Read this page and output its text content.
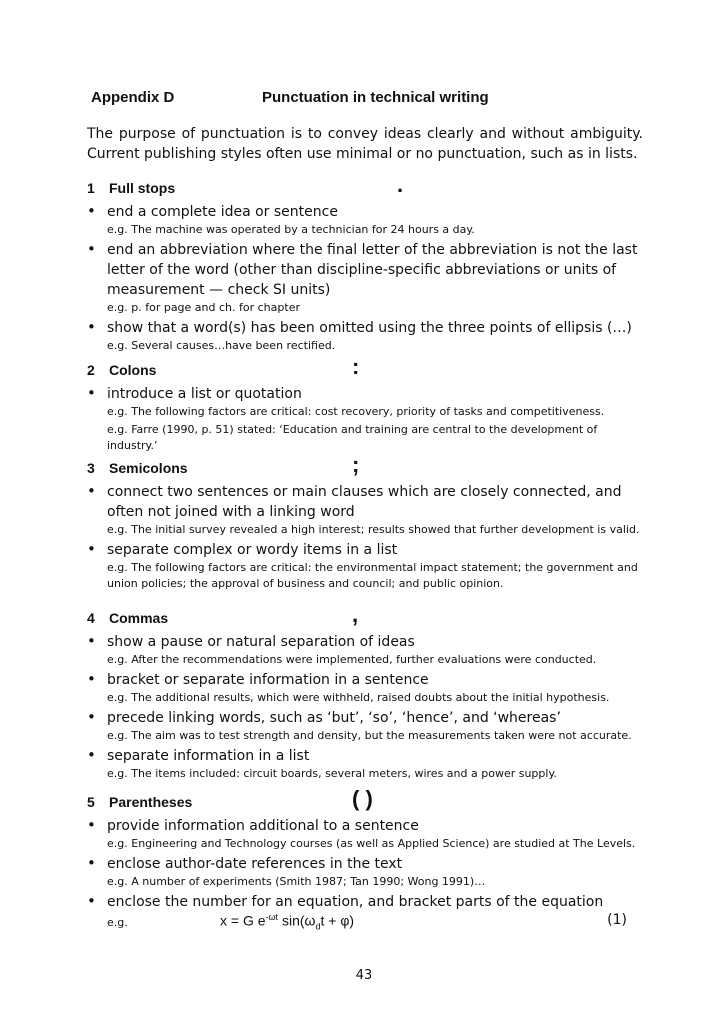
Appendix D	Punctuation in technical writing
The purpose of punctuation is to convey ideas clearly and without ambiguity. Current publishing styles often use minimal or no punctuation, such as in lists.
1 Full stops	.
• end a complete idea or sentence
e.g. The machine was operated by a technician for 24 hours a day.
• end an abbreviation where the final letter of the abbreviation is not the last letter of the word (other than discipline-specific abbreviations or units of measurement — check SI units)
e.g. p. for page and ch. for chapter
• show that a word(s) has been omitted using the three points of ellipsis (…)
e.g. Several causes…have been rectified.
2 Colons	:
• introduce a list or quotation
e.g. The following factors are critical: cost recovery, priority of tasks and competitiveness.
e.g. Farre (1990, p. 51) stated: ‘Education and training are central to the development of industry.’
3 Semicolons	;
• connect two sentences or main clauses which are closely connected, and often not joined with a linking word
e.g. The initial survey revealed a high interest; results showed that further development is valid.
• separate complex or wordy items in a list
e.g. The following factors are critical: the environmental impact statement; the government and union policies; the approval of business and council; and public opinion.
4 Commas	,
• show a pause or natural separation of ideas
e.g. After the recommendations were implemented, further evaluations were conducted.
• bracket or separate information in a sentence
e.g. The additional results, which were withheld, raised doubts about the initial hypothesis.
• precede linking words, such as ‘but’, ‘so’, ‘hence’, and ‘whereas’
e.g. The aim was to test strength and density, but the measurements taken were not accurate.
• separate information in a list
e.g. The items included: circuit boards, several meters, wires and a power supply.
5 Parentheses	( )
• provide information additional to a sentence
e.g. Engineering and Technology courses (as well as Applied Science) are studied at The Levels.
• enclose author-date references in the text
e.g. A number of experiments (Smith 1987; Tan 1990; Wong 1991)…
• enclose the number for an equation, and bracket parts of the equation
e.g.	x = G $e^{-\omega t}$ $\sin(\omega_dt + \varphi)$	(1)
43
